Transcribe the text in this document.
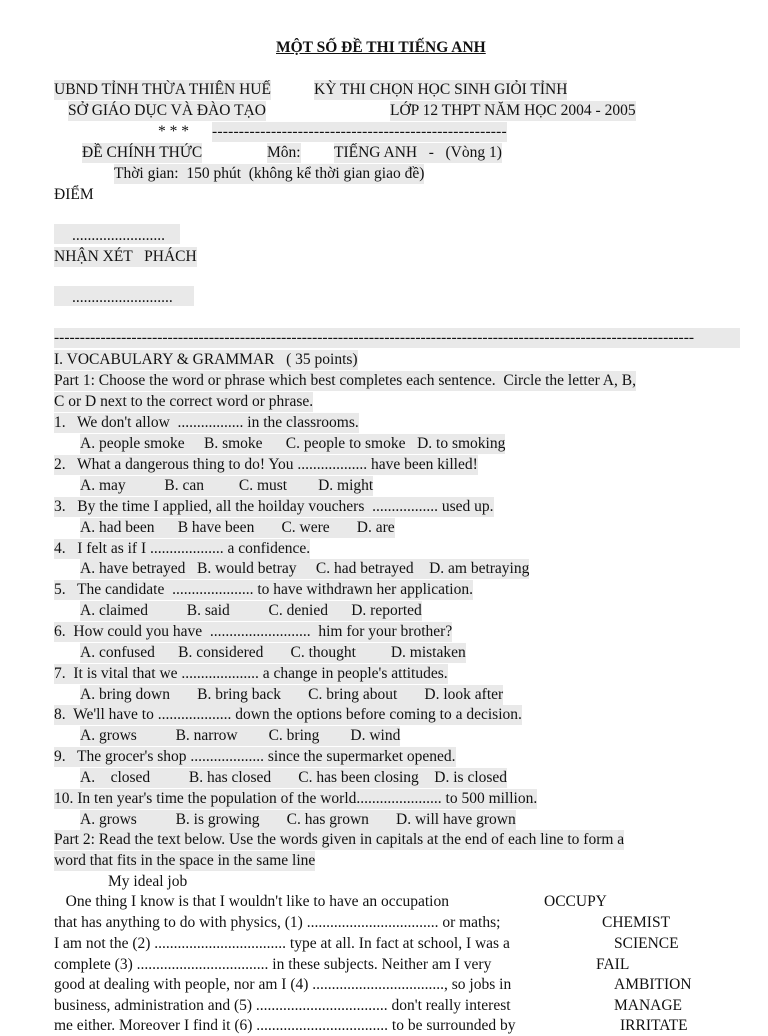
MỘT SỐ ĐỀ THI TIẾNG ANH
UBND TỈNH THỪA THIÊN HUẾ	KỲ THI CHỌN HỌC SINH GIỎI TỈNH
SỞ GIÁO DỤC VÀ ĐÀO TẠO	LỚP 12 THPT NĂM HỌC 2004 - 2005
* * * -------------------------------------------------------
ĐỀ CHÍNH THỨC	Môn: TIẾNG ANH   -   (Vòng 1)
Thời gian:  150 phút  (không kể thời gian giao đề)
ĐIỂM
........................
NHẬN XÉT   PHÁCH
..........................
----------------------------------------------------------------------------------------------------------------------------
I. VOCABULARY & GRAMMAR   ( 35 points)
Part 1: Choose the word or phrase which best completes each sentence.  Circle the letter A, B,
C or D next to the correct word or phrase.
1.   We don't allow  ................. in the classrooms.
A. people smoke     B. smoke      C. people to smoke   D. to smoking
2.   What a dangerous thing to do! You .................. have been killed!
A. may          B. can         C. must        D. might
3.   By the time I applied, all the hoilday vouchers  ................. used up.
A. had been      B have been       C. were       D. are
4.   I felt as if I ................... a confidence.
A. have betrayed   B. would betray     C. had betrayed    D. am betraying
5.   The candidate  ..................... to have withdrawn her application.
A. claimed          B. said          C. denied      D. reported
6.  How could you have  ..........................  him for your brother?
A. confused      B. considered       C. thought         D. mistaken
7.  It is vital that we .................... a change in people's attitudes.
A. bring down       B. bring back       C. bring about       D. look after
8.  We'll have to ................... down the options before coming to a decision.
A. grows          B. narrow        C. bring        D. wind
9.   The grocer's shop ................... since the supermarket opened.
A.    closed          B. has closed       C. has been closing    D. is closed
10. In ten year's time the population of the world...................... to 500 million.
A. grows          B. is growing       C. has grown       D. will have grown
Part 2: Read the text below. Use the words given in capitals at the end of each line to form a
word that fits in the space in the same line
My ideal job
One thing I know is that I wouldn't like to have an occupation	OCCUPY
that has anything to do with physics, (1) .................................. or maths;	CHEMIST
I am not the (2) .................................. type at all. In fact at school, I was a	SCIENCE
complete (3) .................................. in these subjects. Neither am I very	FAIL
good at dealing with people, nor am I (4) .................................., so jobs in	AMBITION
business, administration and (5) .................................. don't really interest	MANAGE
me either. Moreover I find it (6) .................................. to be surrounded by	IRRITATE
